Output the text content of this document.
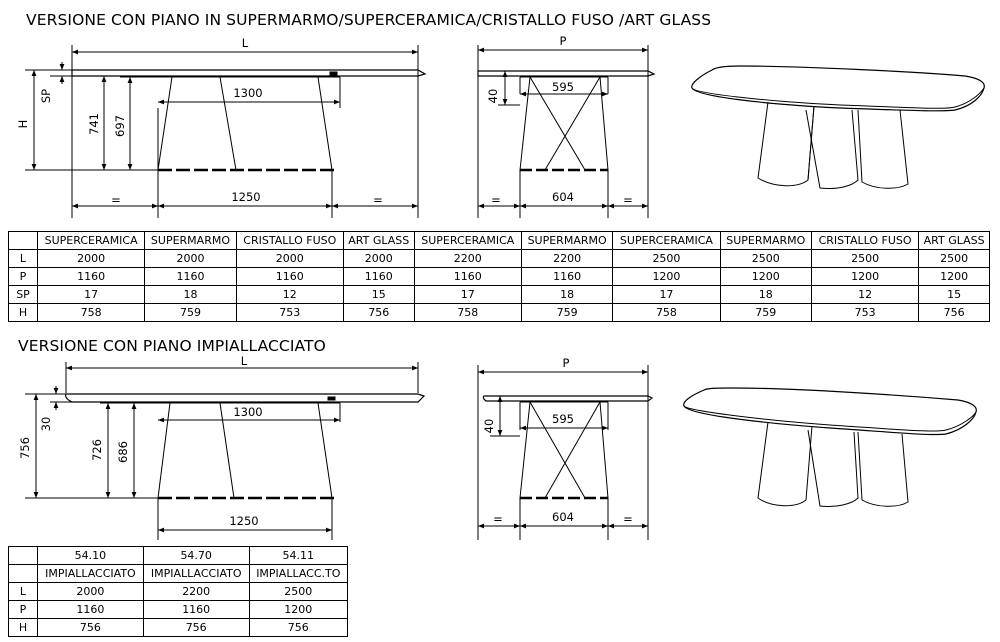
VERSIONE CON PIANO IN SUPERMARMO/SUPERCERAMICA/CRISTALLO FUSO /ART GLASS
VERSIONE CON PIANO IMPIALLACCIATO
L
H
SP
741 697
1300
1250
=	=
P
40
595
604
=	=
L
756
30
726 686
1300
1250
P
40	595
604
=	=
	SUPERCERAMICA	SUPERMARMO	CRISTALLO FUSO	ART GLASS	SUPERCERAMICA	SUPERMARMO	SUPERCERAMICA	SUPERMARMO	CRISTALLO FUSO	ART GLASS
L	2000	2000	2000	2000	2200	2200	2500	2500	2500	2500
P	1160	1160	1160	1160	1160	1160	1200	1200	1200	1200
SP	17	18	12	15	17	18	17	18	12	15
H	758	759	753	756	758	759	758	759	753	756
	54.10	54.70	54.11
	IMPIALLACCIATO	IMPIALLACCIATO	IMPIALLACC.TO
L	2000	2200	2500
P	1160	1160	1200
H	756	756	756
